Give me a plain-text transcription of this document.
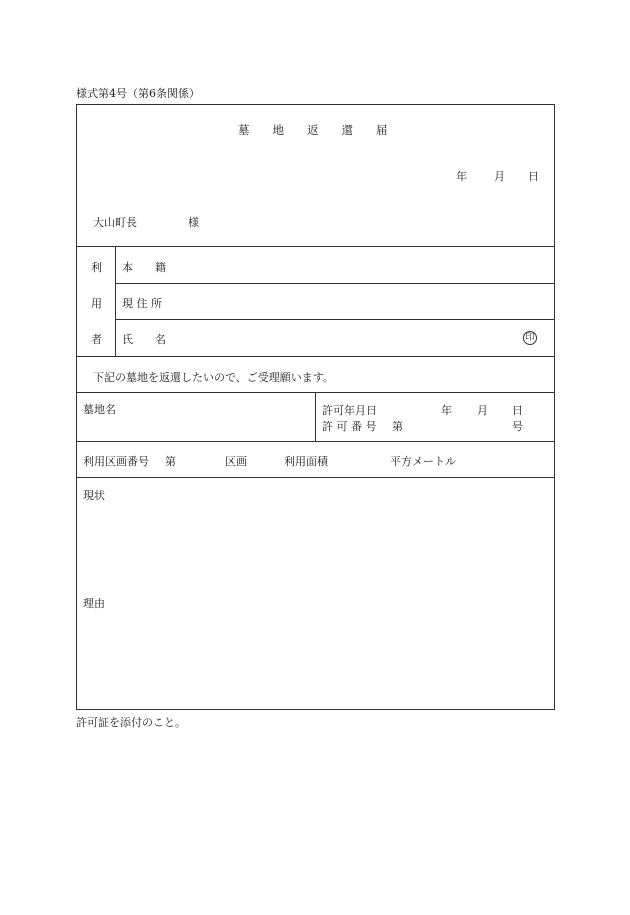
様式第4号（第6条関係）
墓　　地　　返　　還　　届
年 月 日
大山町長	様
利
用
者
本　　籍
現 住 所
氏　　名	印
下記の墓地を返還したいので、ご受理願います。
墓地名	許可年月日	年 月 日
許 可 番 号 第	号
利用区画番号 第	区画	利用面積	平方メートル
現状
理由
許可証を添付のこと。
